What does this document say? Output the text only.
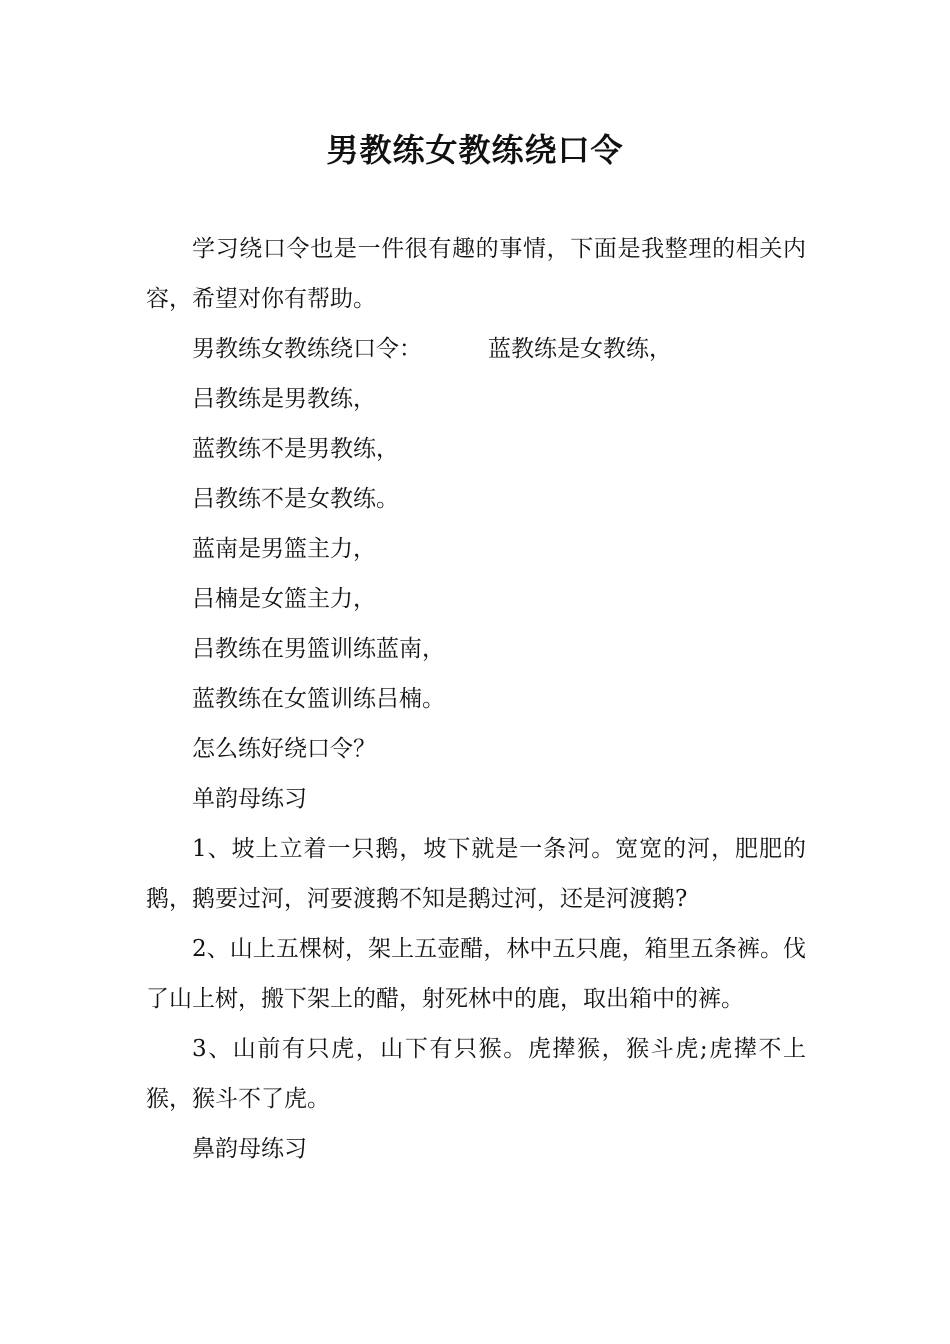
男教练女教练绕口令

学习绕口令也是一件很有趣的事情，下面是我整理的相关内容，希望对你有帮助。

男教练女教练绕口令：	蓝教练是女教练，

吕教练是男教练，

蓝教练不是男教练，

吕教练不是女教练。

蓝南是男篮主力，

吕楠是女篮主力，

吕教练在男篮训练蓝南，

蓝教练在女篮训练吕楠。

怎么练好绕口令？

单韵母练习

1、坡上立着一只鹅，坡下就是一条河。宽宽的河，肥肥的鹅，鹅要过河，河要渡鹅不知是鹅过河，还是河渡鹅?

2、山上五棵树，架上五壶醋，林中五只鹿，箱里五条裤。伐了山上树，搬下架上的醋，射死林中的鹿，取出箱中的裤。

3、山前有只虎，山下有只猴。虎撵猴，猴斗虎;虎撵不上猴，猴斗不了虎。

鼻韵母练习
